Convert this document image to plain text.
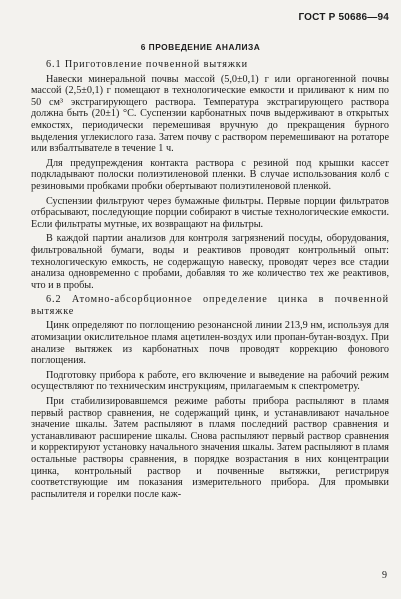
ГОСТ Р 50686—94
6 ПРОВЕДЕНИЕ АНАЛИЗА

6.1 Приготовление почвенной вытяжки

Навески минеральной почвы массой (5,0±0,1) г или органогенной почвы массой (2,5±0,1) г помещают в технологические емкости и приливают к ним по 50 см³ экстрагирующего раствора. Температура экстрагирующего раствора должна быть (20±1) °С. Суспензии карбонатных почв выдерживают в открытых емкостях, периодически перемешивая вручную до прекращения бурного выделения углекислого газа. Затем почву с раствором перемешивают на ротаторе или взбалтывателе в течение 1 ч.

Для предупреждения контакта раствора с резиной под крышки кассет подкладывают полоски полиэтиленовой пленки. В случае использования колб с резиновыми пробками пробки обертывают полиэтиленовой пленкой.

Суспензии фильтруют через бумажные фильтры. Первые порции фильтратов отбрасывают, последующие порции собирают в чистые технологические емкости. Если фильтраты мутные, их возвращают на фильтры.

В каждой партии анализов для контроля загрязнений посуды, оборудования, фильтровальной бумаги, воды и реактивов проводят контрольный опыт: технологическую емкость, не содержащую навеску, проводят через все стадии анализа одновременно с пробами, добавляя то же количество тех же реактивов, что и в пробы.

6.2 Атомно-абсорбционное определение цинка в почвенной вытяжке

Цинк определяют по поглощению резонансной линии 213,9 нм, используя для атомизации окислительное пламя ацетилен-воздух или пропан-бутан-воздух. При анализе вытяжек из карбонатных почв проводят коррекцию фонового поглощения.

Подготовку прибора к работе, его включение и выведение на рабочий режим осуществляют по техническим инструкциям, прилагаемым к спектрометру.

При стабилизировавшемся режиме работы прибора распыляют в пламя первый раствор сравнения, не содержащий цинк, и устанавливают начальное значение шкалы. Затем распыляют в пламя последний раствор сравнения и устанавливают расширение шкалы. Снова распыляют первый раствор сравнения и корректируют установку начального значения шкалы. Затем распыляют в пламя остальные растворы сравнения, в порядке возрастания в них концентрации цинка, контрольный раствор и почвенные вытяжки, регистрируя соответствующие им показания измерительного прибора. Для промывки распылителя и горелки после каж-

9
